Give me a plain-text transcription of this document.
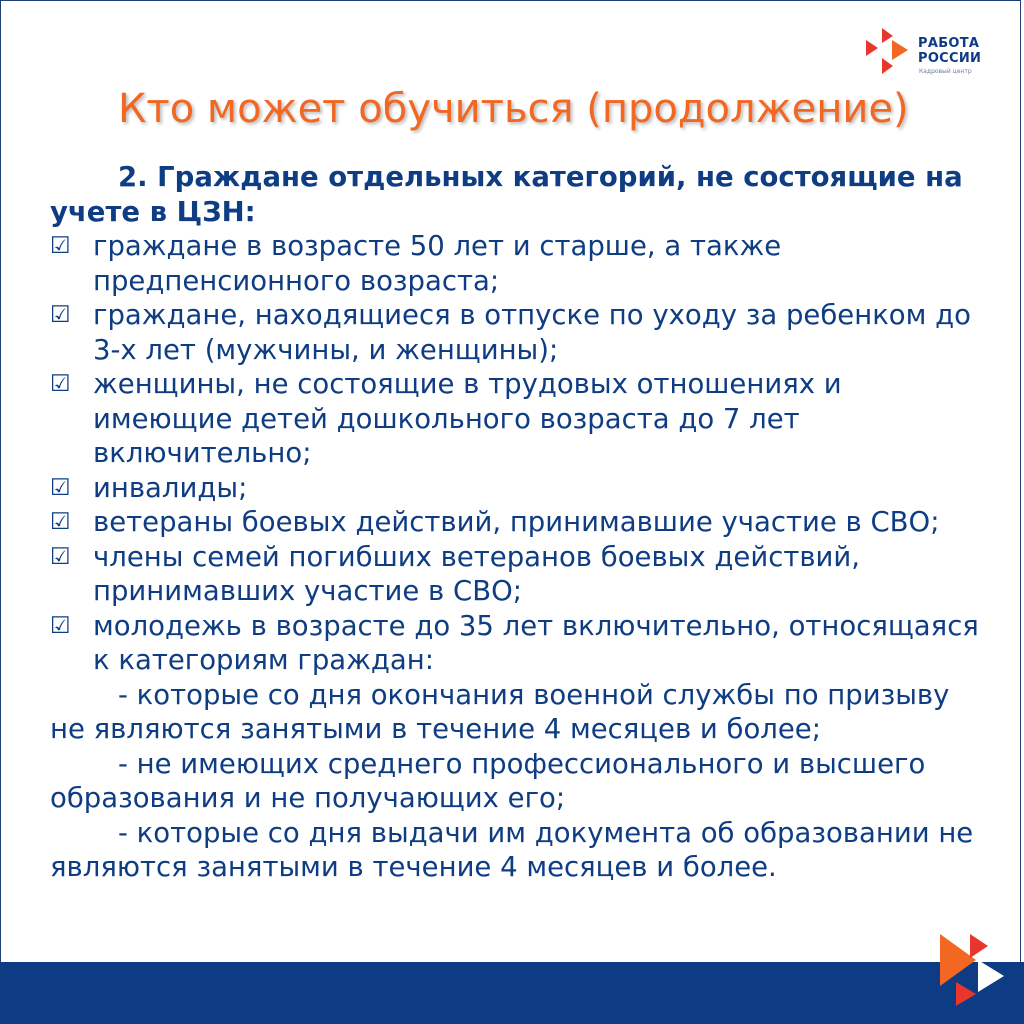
РАБОТА
РОССИИ
Кадровый центр
Кто может обучиться (продолжение)

2. Граждане отдельных категорий, не состоящие на учете в ЦЗН:

☑ граждане в возрасте 50 лет и старше, а также предпенсионного возраста;

☑ граждане, находящиеся в отпуске по уходу за ребенком до 3-х лет (мужчины, и женщины);

☑ женщины, не состоящие в трудовых отношениях и имеющие детей дошкольного возраста до 7 лет включительно;

☑ инвалиды;

☑ ветераны боевых действий, принимавшие участие в СВО;

☑ члены семей погибших ветеранов боевых действий, принимавших участие в СВО;

☑ молодежь в возрасте до 35 лет включительно, относящаяся к категориям граждан:

- которые со дня окончания военной службы по призыву не являются занятыми в течение 4 месяцев и более;

- не имеющих среднего профессионального и высшего образования и не получающих его;

- которые со дня выдачи им документа об образовании не являются занятыми в течение 4 месяцев и более.
